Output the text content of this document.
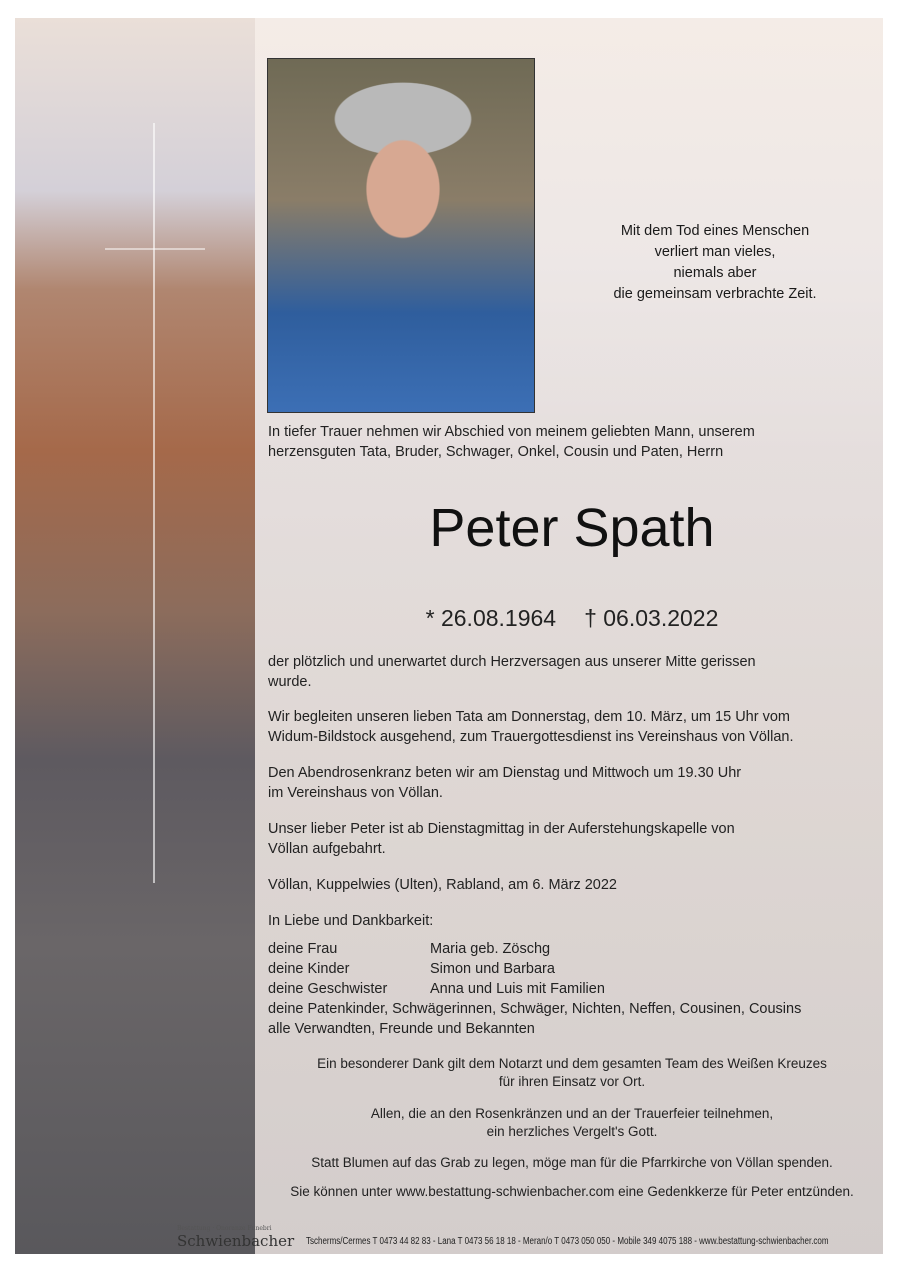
Mit dem Tod eines Menschen
verliert man vieles,
niemals aber
die gemeinsam verbrachte Zeit.
In tiefer Trauer nehmen wir Abschied von meinem geliebten Mann, unserem
herzensguten Tata, Bruder, Schwager, Onkel, Cousin und Paten, Herrn
Peter Spath
* 26.08.1964 † 06.03.2022
der plötzlich und unerwartet durch Herzversagen aus unserer Mitte gerissen
wurde.
Wir begleiten unseren lieben Tata am Donnerstag, dem 10. März, um 15 Uhr vom
Widum-Bildstock ausgehend, zum Trauergottesdienst ins Vereinshaus von Völlan.
Den Abendrosenkranz beten wir am Dienstag und Mittwoch um 19.30 Uhr
im Vereinshaus von Völlan.
Unser lieber Peter ist ab Dienstagmittag in der Auferstehungskapelle von
Völlan aufgebahrt.
Völlan, Kuppelwies (Ulten), Rabland, am 6. März 2022
In Liebe und Dankbarkeit:
deine Frau	Maria geb. Zöschg
deine Kinder	Simon und Barbara
deine Geschwister	Anna und Luis mit Familien
deine Patenkinder, Schwägerinnen, Schwäger, Nichten, Neffen, Cousinen, Cousins
alle Verwandten, Freunde und Bekannten
Ein besonderer Dank gilt dem Notarzt und dem gesamten Team des Weißen Kreuzes
für ihren Einsatz vor Ort.
Allen, die an den Rosenkränzen und an der Trauerfeier teilnehmen,
ein herzliches Vergelt's Gott.
Statt Blumen auf das Grab zu legen, möge man für die Pfarrkirche von Völlan spenden.
Sie können unter www.bestattung-schwienbacher.com eine Gedenkkerze für Peter entzünden.
Bestattung · Onoranze Funebri
Schwienbacher Tscherms/Cermes T 0473 44 82 83 - Lana T 0473 56 18 18 - Meran/o T 0473 050 050 - Mobile 349 4075 188 - www.bestattung-schwienbacher.com
